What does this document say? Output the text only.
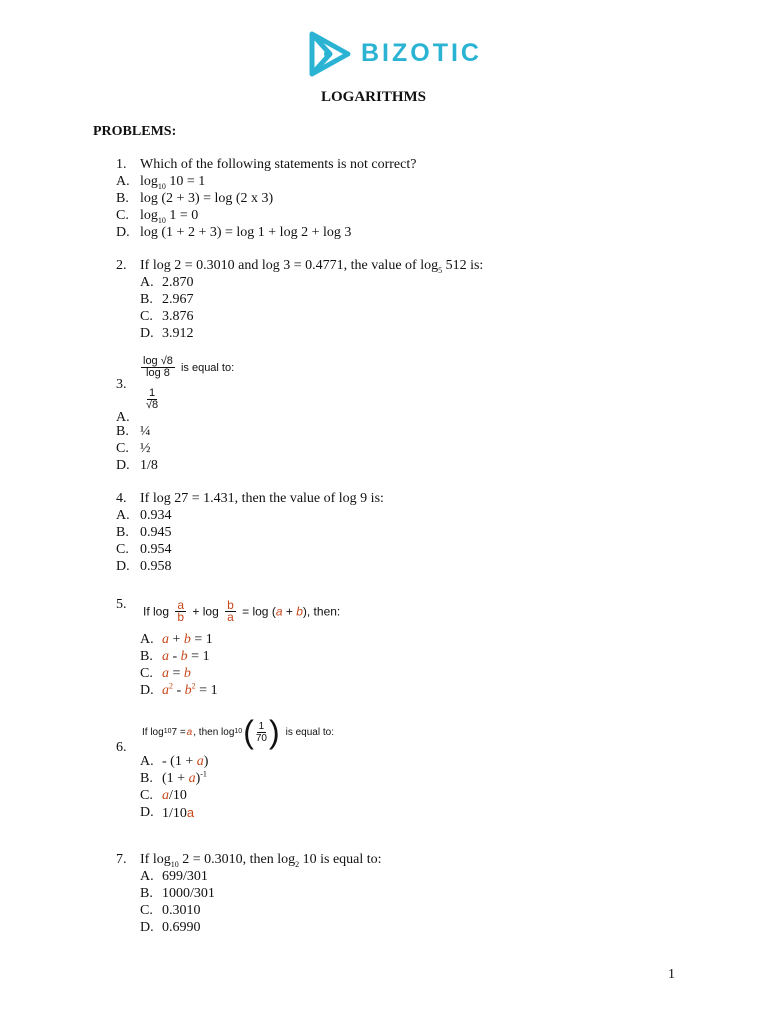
BIZOTIC
LOGARITHMS
PROBLEMS:
1. Which of the following statements is not correct?
A. $\log_{10} 10 = 1$
B. log (2 + 3) = log (2 x 3)
C. $\log_{10} 1 = 0$
D. log (1 + 2 + 3) = log 1 + log 2 + log 3
2. If log 2 = 0.3010 and log 3 = 0.4771, the value of $\log_5 512$ is:
A. 2.870
B. 2.967
C. 3.876
D. 3.912
$\frac{\log √8}{\log 8}$ is equal to:
3.
$\frac{1}{√8}$
A.
B. ¼
C. ½
D. 1/8
4. If log 27 = 1.431, then the value of log 9 is:
A. 0.934
B. 0.945
C. 0.954
D. 0.958
5. If $\log \frac{a}{b} + \log \frac{b}{a} = \log (a + b)$, then:
A. a + b = 1
B. a - b = 1
C. a = b
D. $a^2 - b^2 = 1$
If log 10 7 = a , then log 10 ( $\frac{1}{70}$ ) is equal to:
6.
A. - (1 + a)
B. $(1 + a)^{-1}$
C. a/10
D. 1/10a
7. If $\log_{10} 2 = 0.3010$, then $\log_2 10$ is equal to:
A. 699/301
B. 1000/301
C. 0.3010
D. 0.6990
1
